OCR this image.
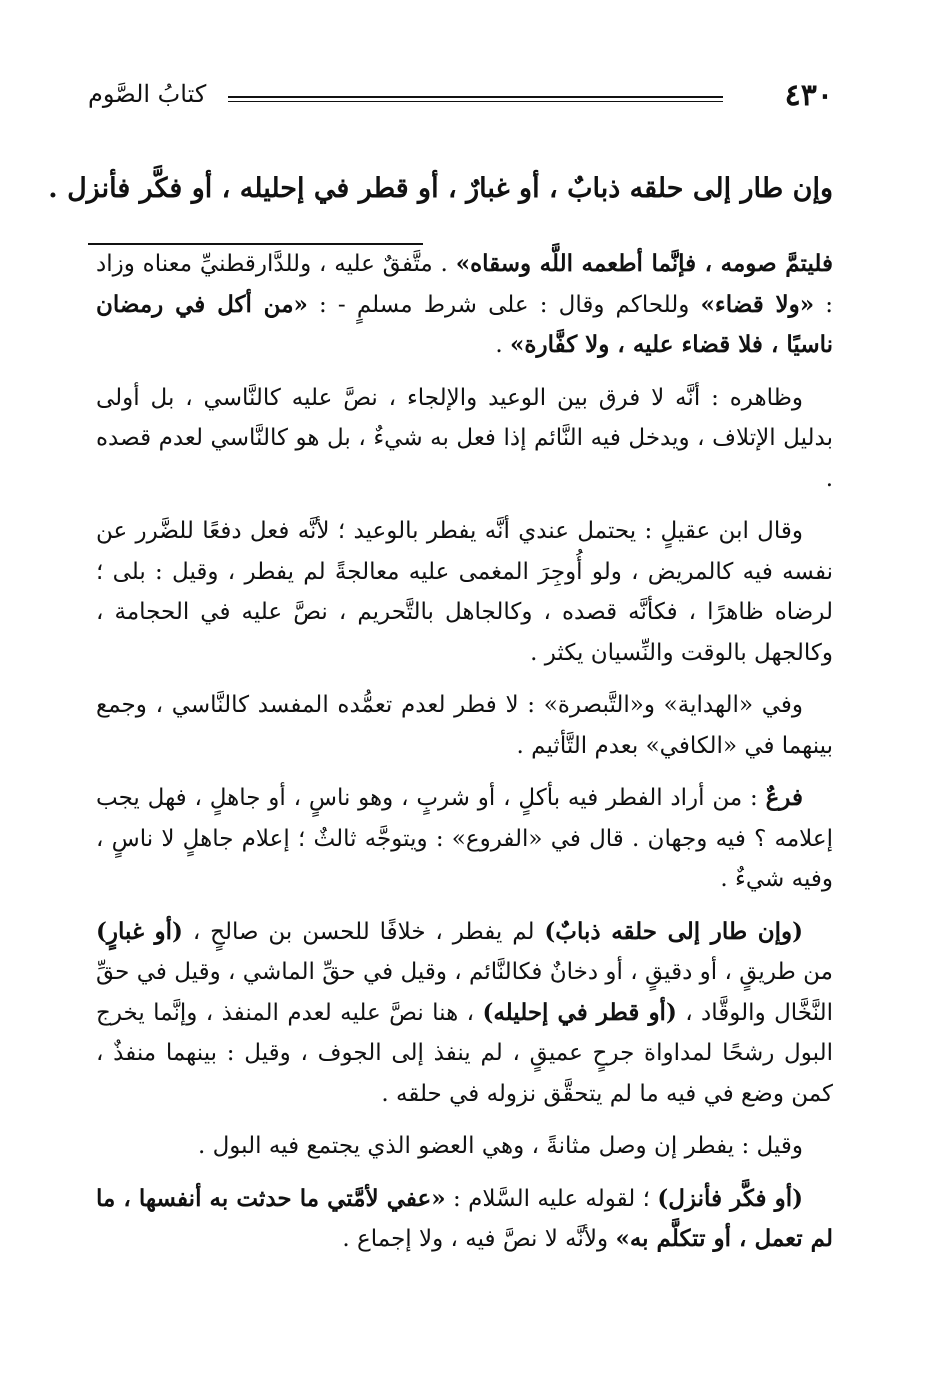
٤٣٠
كتابُ الصَّوم
وإن طار إلى حلقه ذبابٌ ، أو غبارٌ ، أو قطر في إحليله ، أو فكَّر فأنزل .

فليتمَّ صومه ، فإنَّما أطعمه اللَّه وسقاه» . متَّفقٌ عليه ، وللدَّارقطنيِّ معناه وزاد : «ولا قضاء» وللحاكم وقال : على شرط مسلمٍ - : «من أكل في رمضان ناسيًا ، فلا قضاء عليه ، ولا كفَّارة» .

وظاهره : أنَّه لا فرق بين الوعيد والإلجاء ، نصَّ عليه كالنَّاسي ، بل أولى بدليل الإتلاف ، ويدخل فيه النَّائم إذا فعل به شيءٌ ، بل هو كالنَّاسي لعدم قصده .

وقال ابن عقيلٍ : يحتمل عندي أنَّه يفطر بالوعيد ؛ لأنَّه فعل دفعًا للضَّرر عن نفسه فيه كالمريض ، ولو أُوجِرَ المغمى عليه معالجةً لم يفطر ، وقيل : بلى ؛ لرضاه ظاهرًا ، فكأنَّه قصده ، وكالجاهل بالتَّحريم ، نصَّ عليه في الحجامة ، وكالجهل بالوقت والنِّسيان يكثر .

وفي «الهداية» و«التَّبصرة» : لا فطر لعدم تعمُّده المفسد كالنَّاسي ، وجمع بينهما في «الكافي» بعدم التَّأثيم .

فرعٌ : من أراد الفطر فيه بأكلٍ ، أو شربٍ ، وهو ناسٍ ، أو جاهلٍ ، فهل يجب إعلامه ؟ فيه وجهان . قال في «الفروع» : ويتوجَّه ثالثٌ ؛ إعلام جاهلٍ لا ناسٍ ، وفيه شيءٌ .

(وإن طار إلى حلقه ذبابٌ) لم يفطر ، خلافًا للحسن بن صالحٍ ، (أو غبارٍ) من طريقٍ ، أو دقيقٍ ، أو دخانٌ فكالنَّائم ، وقيل في حقِّ الماشي ، وقيل في حقِّ النَّخَّال والوقَّاد ، (أو قطر في إحليله) ، هنا نصَّ عليه لعدم المنفذ ، وإنَّما يخرج البول رشحًا لمداواة جرحٍ عميقٍ ، لم ينفذ إلى الجوف ، وقيل : بينهما منفذٌ ، كمن وضع في فيه ما لم يتحقَّق نزوله في حلقه .

وقيل : يفطر إن وصل مثانةً ، وهي العضو الذي يجتمع فيه البول .

(أو فكَّر فأنزل) ؛ لقوله عليه السَّلام : «عفي لأمَّتي ما حدثت به أنفسها ، ما لم تعمل ، أو تتكلَّم به» ولأنَّه لا نصَّ فيه ، ولا إجماع .
